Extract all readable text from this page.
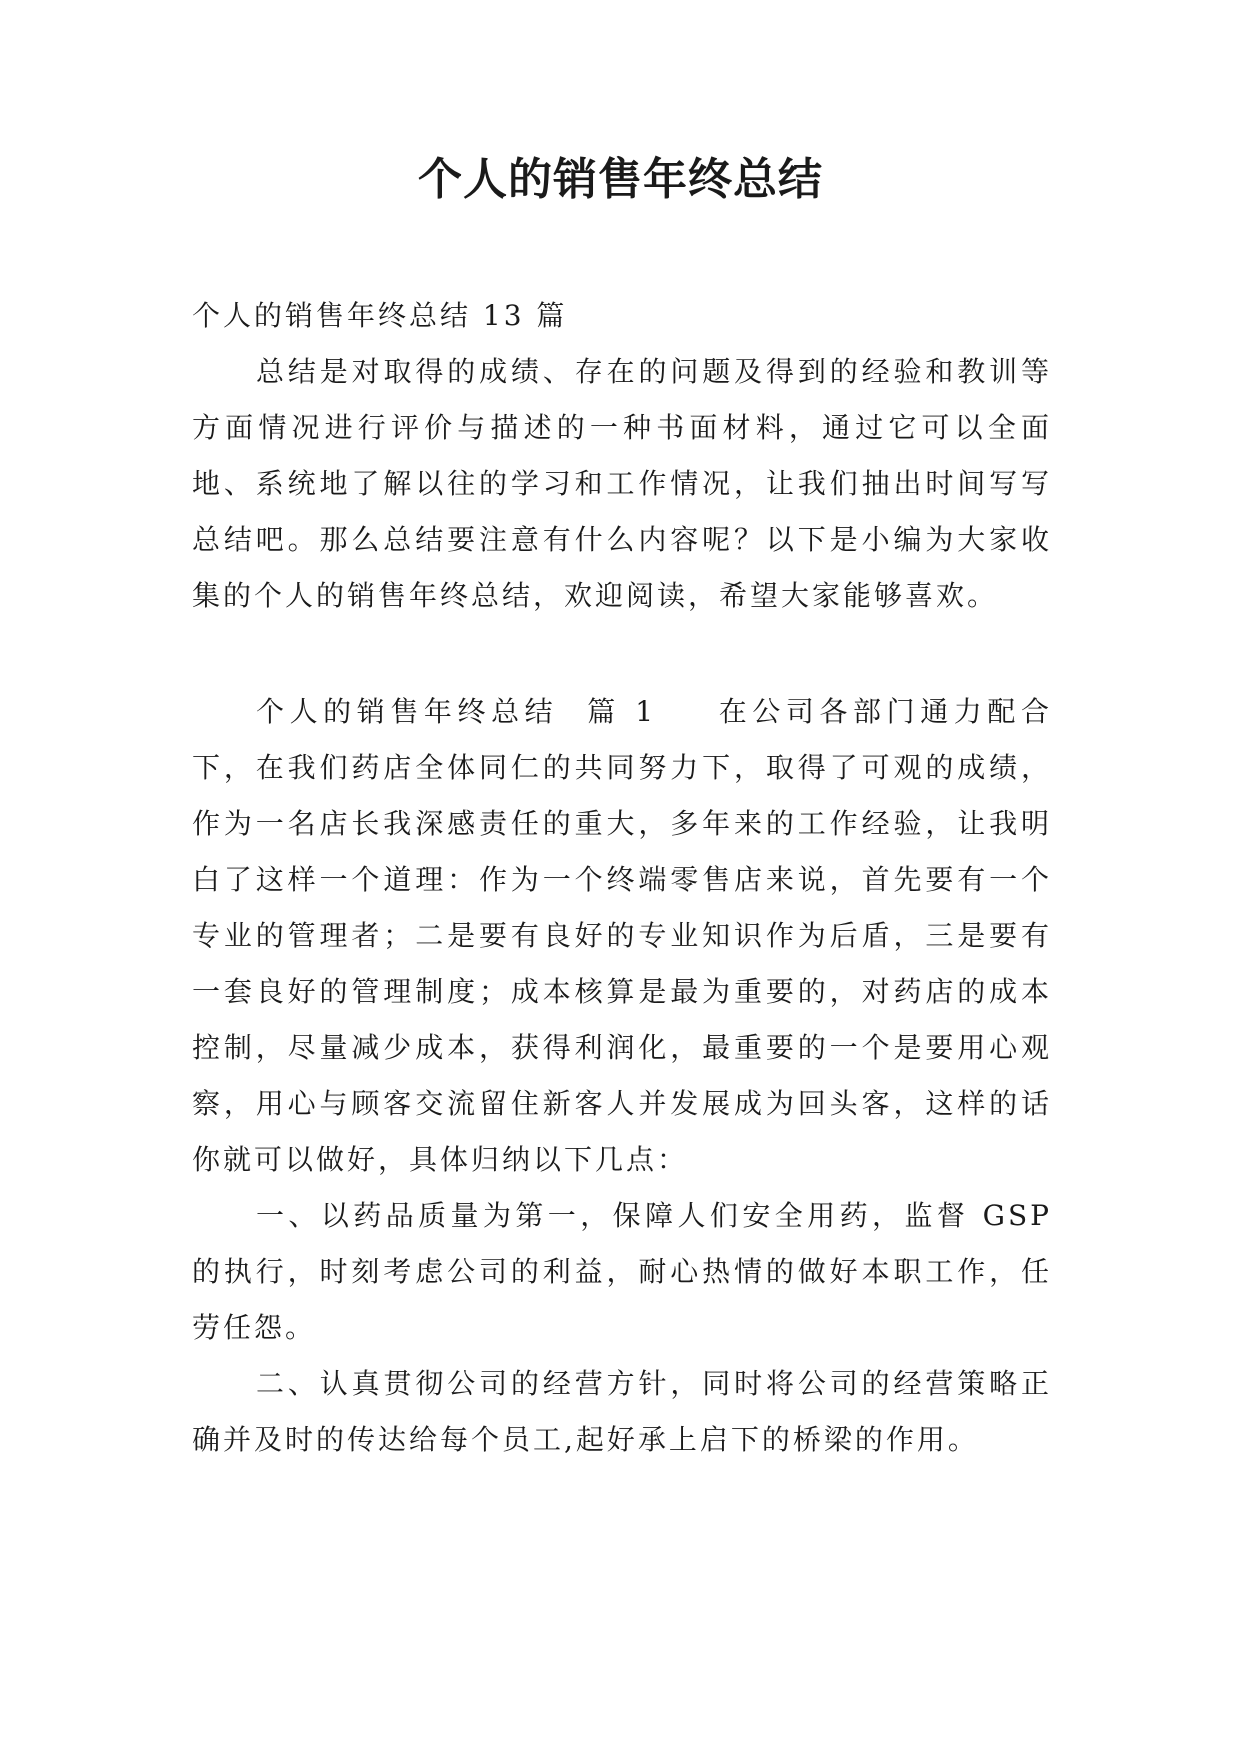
个人的销售年终总结

个人的销售年终总结 13 篇

总结是对取得的成绩、存在的问题及得到的经验和教训等方面情况进行评价与描述的一种书面材料，通过它可以全面地、系统地了解以往的学习和工作情况，让我们抽出时间写写总结吧。那么总结要注意有什么内容呢？以下是小编为大家收集的个人的销售年终总结，欢迎阅读，希望大家能够喜欢。

个人的销售年终总结  篇 1 在公司各部门通力配合下，在我们药店全体同仁的共同努力下，取得了可观的成绩，作为一名店长我深感责任的重大，多年来的工作经验，让我明白了这样一个道理：作为一个终端零售店来说，首先要有一个专业的管理者；二是要有良好的专业知识作为后盾，三是要有一套良好的管理制度；成本核算是最为重要的，对药店的成本控制，尽量减少成本，获得利润化，最重要的一个是要用心观察，用心与顾客交流留住新客人并发展成为回头客，这样的话你就可以做好，具体归纳以下几点：

一、以药品质量为第一，保障人们安全用药，监督 GSP 的执行，时刻考虑公司的利益，耐心热情的做好本职工作，任劳任怨。

二、认真贯彻公司的经营方针，同时将公司的经营策略正确并及时的传达给每个员工,起好承上启下的桥梁的作用。
